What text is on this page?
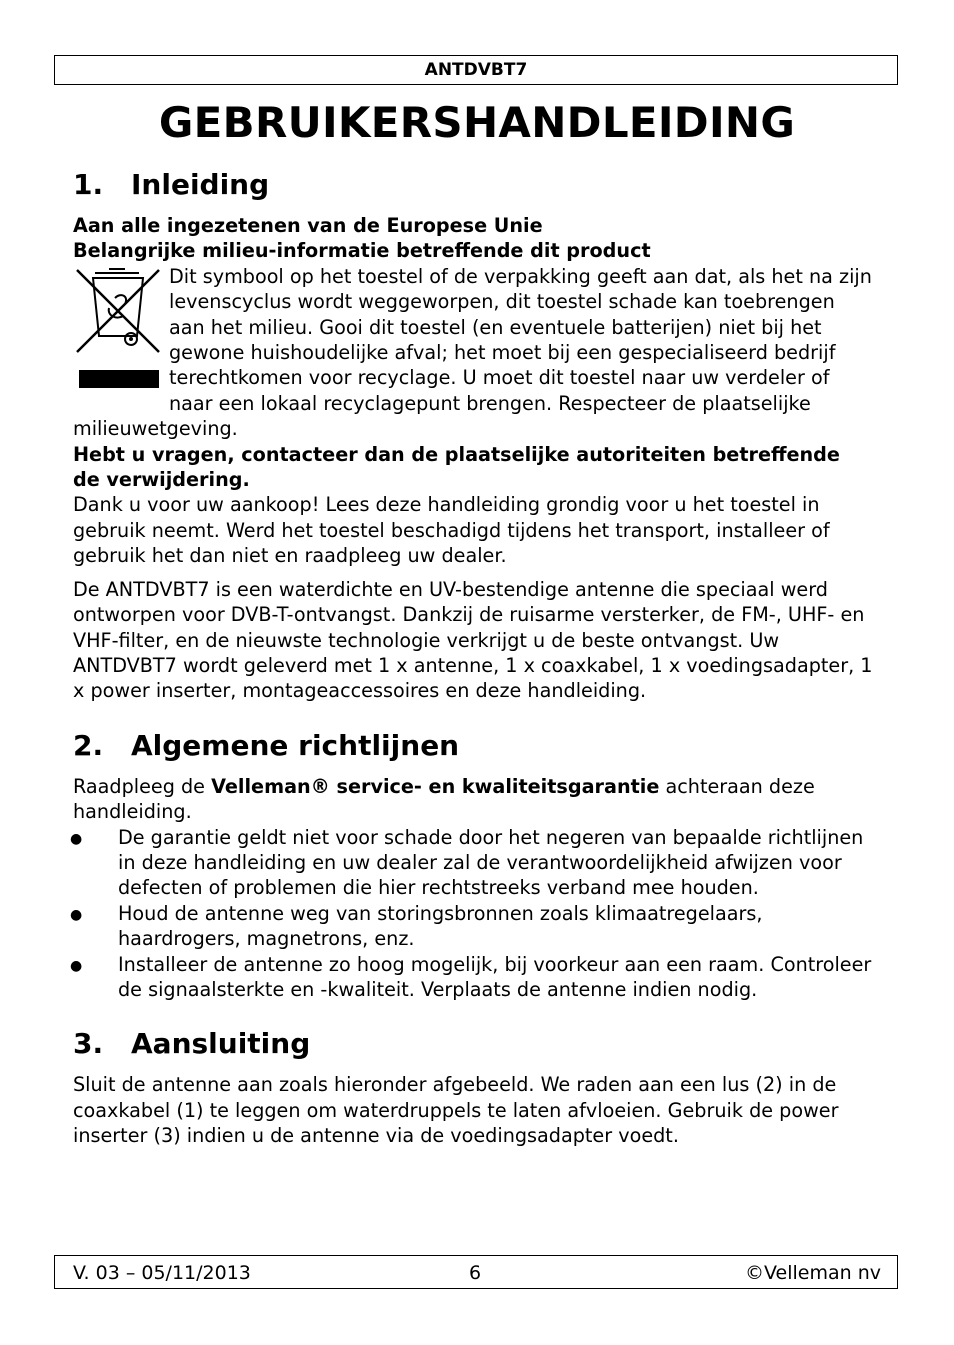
ANTDVBT7
GEBRUIKERSHANDLEIDING
1. Inleiding

Aan alle ingezetenen van de Europese Unie

Belangrijke milieu-informatie betreffende dit product

Dit symbool op het toestel of de verpakking geeft aan dat, als het na zijn levenscyclus wordt weggeworpen, dit toestel schade kan toebrengen aan het milieu. Gooi dit toestel (en eventuele batterijen) niet bij het gewone huishoudelijke afval; het moet bij een gespecialiseerd bedrijf terechtkomen voor recyclage. U moet dit toestel naar uw verdeler of naar een lokaal recyclagepunt brengen. Respecteer de plaatselijke milieuwetgeving.

Hebt u vragen, contacteer dan de plaatselijke autoriteiten betreffende de verwijdering.

Dank u voor uw aankoop! Lees deze handleiding grondig voor u het toestel in gebruik neemt. Werd het toestel beschadigd tijdens het transport, installeer of gebruik het dan niet en raadpleeg uw dealer.

De ANTDVBT7 is een waterdichte en UV-bestendige antenne die speciaal werd ontworpen voor DVB-T-ontvangst. Dankzij de ruisarme versterker, de FM-, UHF- en VHF-filter, en de nieuwste technologie verkrijgt u de beste ontvangst. Uw ANTDVBT7 wordt geleverd met 1 x antenne, 1 x coaxkabel, 1 x voedingsadapter, 1 x power inserter, montageaccessoires en deze handleiding.

2. Algemene richtlijnen

Raadpleeg de Velleman® service- en kwaliteitsgarantie achteraan deze handleiding.

● De garantie geldt niet voor schade door het negeren van bepaalde richtlijnen in deze handleiding en uw dealer zal de verantwoordelijkheid afwijzen voor defecten of problemen die hier rechtstreeks verband mee houden.
● Houd de antenne weg van storingsbronnen zoals klimaatregelaars, haardrogers, magnetrons, enz.
● Installeer de antenne zo hoog mogelijk, bij voorkeur aan een raam. Controleer de signaalsterkte en -kwaliteit. Verplaats de antenne indien nodig.
3. Aansluiting

Sluit de antenne aan zoals hieronder afgebeeld. We raden aan een lus (2) in de coaxkabel (1) te leggen om waterdruppels te laten afvloeien. Gebruik de power inserter (3) indien u de antenne via de voedingsadapter voedt.

V. 03 – 05/11/2013	6	©Velleman nv
